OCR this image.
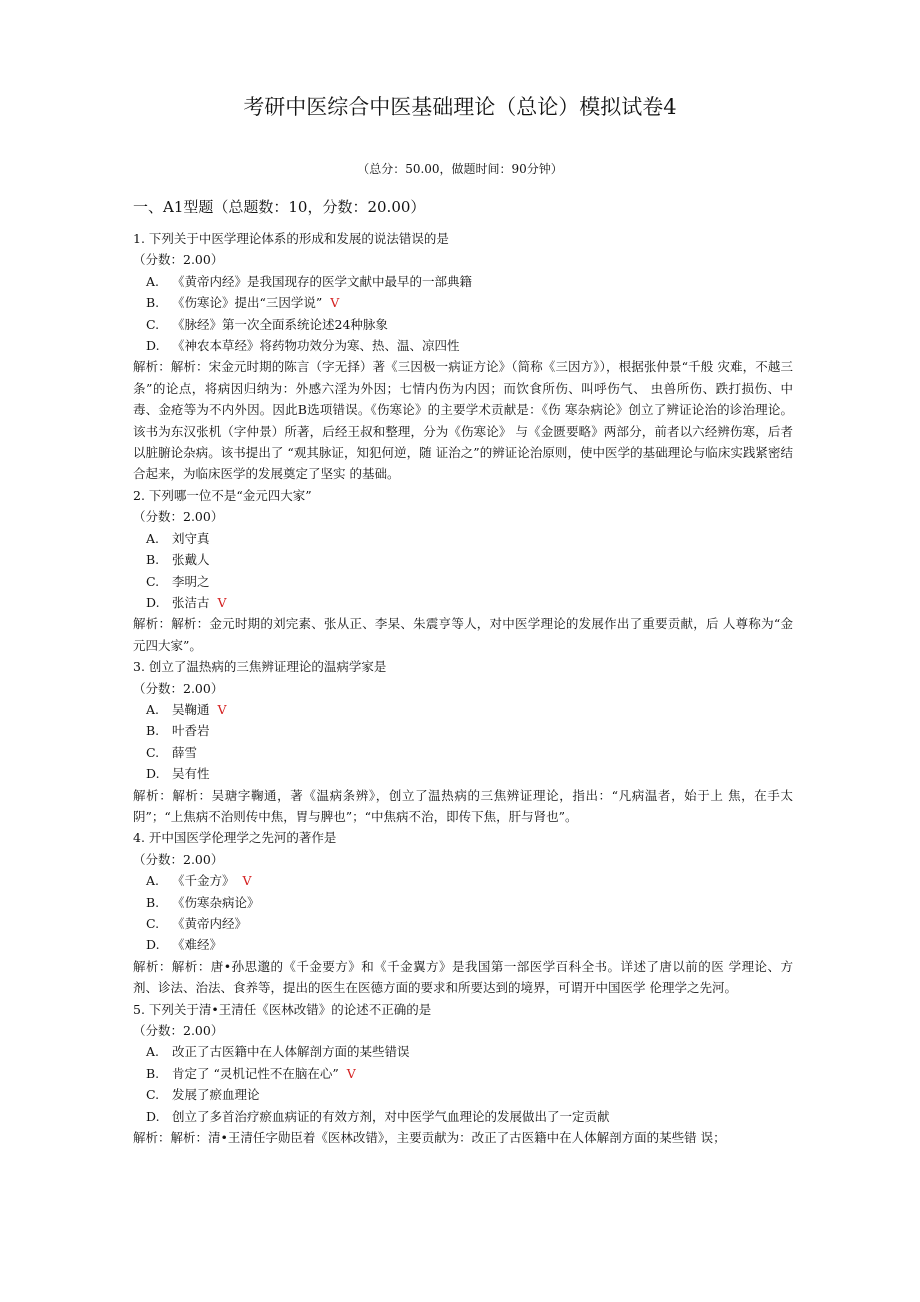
考研中医综合中医基础理论（总论）模拟试卷4
（总分：50.00，做题时间：90分钟）
一、A1型题（总题数：10，分数：20.00）

1. 下列关于中医学理论体系的形成和发展的说法错误的是

（分数：2.00）

A. 《黄帝内经》是我国现存的医学文献中最早的一部典籍

B. 《伤寒论》提出“三因学说” V

C. 《脉经》第一次全面系统论述24种脉象

D. 《神农本草经》将药物功效分为寒、热、温、凉四性

解析：解析：宋金元时期的陈言（字无择）著《三因极一病证方论》（简称《三因方》），根据张仲景“千般 灾难，不越三条”的论点，将病因归纳为：外感六淫为外因；七情内伤为内因；而饮食所伤、叫呼伤气、 虫兽所伤、跌打损伤、中毒、金疮等为不内外因。因此B选项错误。《伤寒论》的主要学术贡献是：《伤 寒杂病论》创立了辨证论治的诊治理论。该书为东汉张机（字仲景）所著，后经王叔和整理，分为《伤寒论》 与《金匮要略》两部分，前者以六经辨伤寒，后者以脏腑论杂病。该书提出了 “观其脉证，知犯何逆，随 证治之”的辨证论治原则，使中医学的基础理论与临床实践紧密结合起来，为临床医学的发展奠定了坚实 的基础。

2. 下列哪一位不是“金元四大家”

（分数：2.00）

A. 刘守真

B. 张戴人

C. 李明之

D. 张洁古 V

解析：解析：金元时期的刘完素、张从正、李杲、朱震亨等人，对中医学理论的发展作出了重要贡献，后 人尊称为“金元四大家”。

3. 创立了温热病的三焦辨证理论的温病学家是

（分数：2.00）

A. 吴鞠通 V

B. 叶香岩

C. 薛雪

D. 吴有性

解析：解析：吴瑭字鞠通，著《温病条辨》，创立了温热病的三焦辨证理论，指出：“凡病温者，始于上 焦，在手太阴”；“上焦病不治则传中焦，胃与脾也”；“中焦病不治，即传下焦，肝与肾也”。

4. 开中国医学伦理学之先河的著作是

（分数：2.00）

A. 《千金方》 V

B. 《伤寒杂病论》

C. 《黄帝内经》

D. 《难经》

解析：解析：唐•孙思邈的《千金要方》和《千金翼方》是我国第一部医学百科全书。详述了唐以前的医 学理论、方剂、诊法、治法、食养等，提出的医生在医德方面的要求和所要达到的境界，可谓开中国医学 伦理学之先河。

5. 下列关于清•王清任《医林改错》的论述不正确的是

（分数：2.00）

A. 改正了古医籍中在人体解剖方面的某些错误

B. 肯定了 “灵机记性不在脑在心” V

C. 发展了瘀血理论

D. 创立了多首治疗瘀血病证的有效方剂，对中医学气血理论的发展做出了一定贡献

解析：解析：清•王清任字勋臣着《医林改错》，主要贡献为：改正了古医籍中在人体解剖方面的某些错 误；
